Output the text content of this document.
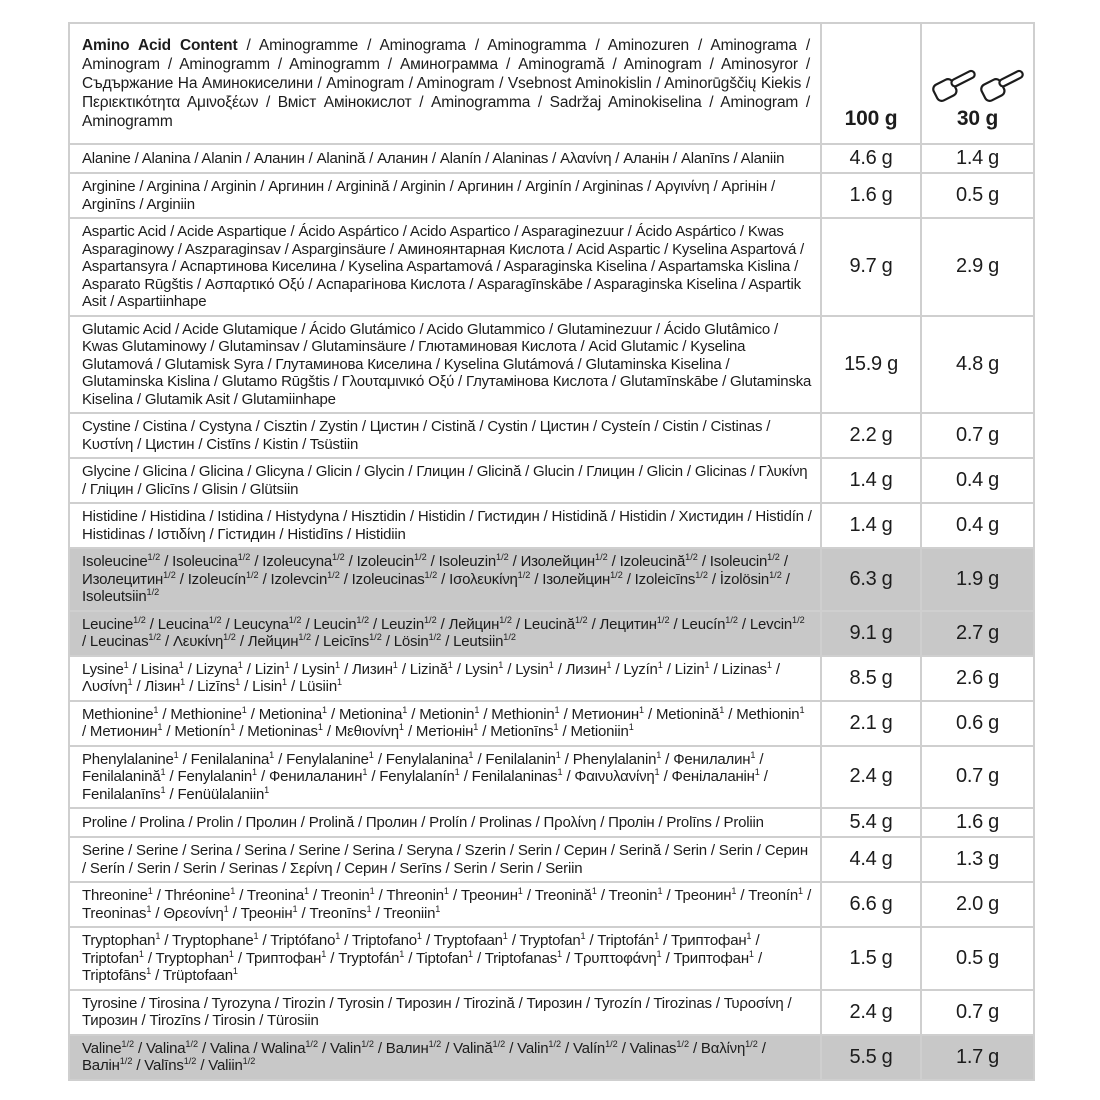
Amino Acid Content / Aminogramme / Aminograma / Aminogramma / Aminozuren / Aminograma / Aminogram / Aminogramm / Aminogramm / Аминограмма / Aminogramă / Aminogram / Aminosyror / Съдържание На Аминокиселини / Aminogram / Aminogram / Vsebnost Aminokislin / Aminorūgščių Kiekis / Περιεκτικότητα Αμινοξέων / Вміст Амінокислот / Aminogramma / Sadržaj Aminokiselina / Aminogram / Aminogramm	100 g	30 g

Alanine / Alanina / Alanin / Аланин / Alanină / Аланин / Alanín / Alaninas / Αλανίνη / Аланін / Alanīns / Alaniin	4.6 g	1.4 g
Arginine / Arginina / Arginin / Аргинин / Arginină / Arginin / Аргинин / Arginín / Argininas / Αργινίνη / Аргінін / Arginīns / Arginiin	1.6 g	0.5 g
Aspartic Acid / Acide Aspartique / Ácido Aspártico / Acido Aspartico / Asparaginezuur / Ácido Aspártico / Kwas Asparaginowy / Aszparaginsav / Asparginsäure / Аминоянтарная Кислота / Acid Aspartic / Kyselina Aspartová / Aspartansyra / Аспартинова Киселина / Kyselina Aspartamová / Asparaginska Kiselina / Aspartamska Kislina / Asparato Rūgštis / Ασπαρτικό Οξύ / Аспарагінова Кислота / Asparagīnskābe / Asparaginska Kiselina / Aspartik Asit / Aspartiinhape	9.7 g	2.9 g
Glutamic Acid / Acide Glutamique / Ácido Glutámico / Acido Glutammico / Glutaminezuur / Ácido Glutâmico / Kwas Glutaminowy / Glutaminsav / Glutaminsäure / Глютаминовая Кислота / Acid Glutamic / Kyselina Glutamová / Glutamisk Syra / Глутаминова Киселина / Kyselina Glutámová / Glutaminska Kiselina / Glutaminska Kislina / Glutamo Rūgštis / Γλουταμινικό Οξύ / Глутамінова Кислота / Glutamīnskābe / Glutaminska Kiselina / Glutamik Asit / Glutamiinhape	15.9 g	4.8 g
Cystine / Cistina / Cystyna / Cisztin / Zystin / Цистин / Cistină / Cystin / Цистин / Cysteín / Cistin / Cistinas / Κυστίνη / Цистин / Cistīns / Kistin / Tsüstiin	2.2 g	0.7 g
Glycine / Glicina / Glicina / Glicyna / Glicin / Glycin / Глицин / Glicină / Glucin / Глицин / Glicin / Glicinas / Γλυκίνη / Гліцин / Glicīns / Glisin / Glütsiin	1.4 g	0.4 g
Histidine / Histidina / Istidina / Histydyna / Hisztidin / Histidin / Гистидин / Histidină / Histidin / Хистидин / Histidín / Histidinas / Ιστιδίνη / Гістидин / Histidīns / Histidiin	1.4 g	0.4 g
Isoleucine$^{1/2}$ / Isoleucina$^{1/2}$ / Izoleucyna$^{1/2}$ / Izoleucin$^{1/2}$ / Isoleuzin$^{1/2}$ / Изолейцин$^{1/2}$ / Izoleucină$^{1/2}$ / Isoleucin$^{1/2}$ / Изолецитин$^{1/2}$ / Izoleucín$^{1/2}$ / Izolevcin$^{1/2}$ / Izoleucinas$^{1/2}$ / Ισολευκίνη$^{1/2}$ / Ізолейцин$^{1/2}$ / Izoleicīns$^{1/2}$ / İzolösin$^{1/2}$ / Isoleutsiin$^{1/2}$	6.3 g	1.9 g
Leucine$^{1/2}$ / Leucina$^{1/2}$ / Leucyna$^{1/2}$ / Leucin$^{1/2}$ / Leuzin$^{1/2}$ / Лейцин$^{1/2}$ / Leucină$^{1/2}$ / Лецитин$^{1/2}$ / Leucín$^{1/2}$ / Levcin$^{1/2}$ / Leucinas$^{1/2}$ / Λευκίνη$^{1/2}$ / Лейцин$^{1/2}$ / Leicīns$^{1/2}$ / Lösin$^{1/2}$ / Leutsiin$^{1/2}$	9.1 g	2.7 g
Lysine$^1$ / Lisina$^1$ / Lizyna$^1$ / Lizin$^1$ / Lysin$^1$ / Лизин$^1$ / Lizină$^1$ / Lysin$^1$ / Lysin$^1$ / Лизин$^1$ / Lyzín$^1$ / Lizin$^1$ / Lizinas$^1$ / Λυσίνη$^1$ / Лізин$^1$ / Lizīns$^1$ / Lisin$^1$ / Lüsiin$^1$	8.5 g	2.6 g
Methionine$^1$ / Methionine$^1$ / Metionina$^1$ / Metionina$^1$ / Metionin$^1$ / Methionin$^1$ / Метионин$^1$ / Metionină$^1$ / Methionin$^1$ / Метионин$^1$ / Metionín$^1$ / Metioninas$^1$ / Μεθιονίνη$^1$ / Метіонін$^1$ / Metionīns$^1$ / Metioniin$^1$	2.1 g	0.6 g
Phenylalanine$^1$ / Fenilalanina$^1$ / Fenylalanine$^1$ / Fenylalanina$^1$ / Fenilalanin$^1$ / Phenylalanin$^1$ / Фенилалин$^1$ / Fenilalanină$^1$ / Fenylalanin$^1$ / Фенилаланин$^1$ / Fenylalanín$^1$ / Fenilalaninas$^1$ / Φαινυλανίνη$^1$ / Фенілаланін$^1$ / Fenilalanīns$^1$ / Fenüülalaniin$^1$	2.4 g	0.7 g
Proline / Prolina / Prolin / Пролин / Prolină / Пролин / Prolín / Prolinas / Προλίνη / Пролін / Prolīns / Proliin	5.4 g	1.6 g
Serine / Serine / Serina / Serina / Serine / Serina / Seryna / Szerin / Serin / Серин / Serină / Serin / Serin / Серин / Serín / Serin / Serin / Serinas / Σερίνη / Серин / Serīns / Serin / Serin / Seriin	4.4 g	1.3 g
Threonine$^1$ / Thréonine$^1$ / Treonina$^1$ / Treonin$^1$ / Threonin$^1$ / Треонин$^1$ / Treonină$^1$ / Treonin$^1$ / Треонин$^1$ / Treonín$^1$ / Treoninas$^1$ / Θρεονίνη$^1$ / Треонін$^1$ / Treonīns$^1$ / Treoniin$^1$	6.6 g	2.0 g
Tryptophan$^1$ / Tryptophane$^1$ / Triptófano$^1$ / Triptofano$^1$ / Tryptofaan$^1$ / Tryptofan$^1$ / Triptofán$^1$ / Триптофан$^1$ / Triptofan$^1$ / Tryptophan$^1$ / Триптофан$^1$ / Tryptofán$^1$ / Tiptofan$^1$ / Triptofanas$^1$ / Τρυπτοφάνη$^1$ / Триптофан$^1$ / Triptofāns$^1$ / Trüptofaan$^1$	1.5 g	0.5 g
Tyrosine / Tirosina / Tyrozyna / Tirozin / Tyrosin / Тирозин / Tirozină / Тирозин / Tyrozín / Tirozinas / Τυροσίνη / Тирозин / Tirozīns / Tirosin / Türosiin	2.4 g	0.7 g
Valine$^{1/2}$ / Valina$^{1/2}$ / Valina / Walina$^{1/2}$ / Valin$^{1/2}$ / Валин$^{1/2}$ / Valină$^{1/2}$ / Valin$^{1/2}$ / Valín$^{1/2}$ / Valinas$^{1/2}$ / Βαλίνη$^{1/2}$ / Валін$^{1/2}$ / Valīns$^{1/2}$ / Valiin$^{1/2}$	5.5 g	1.7 g
